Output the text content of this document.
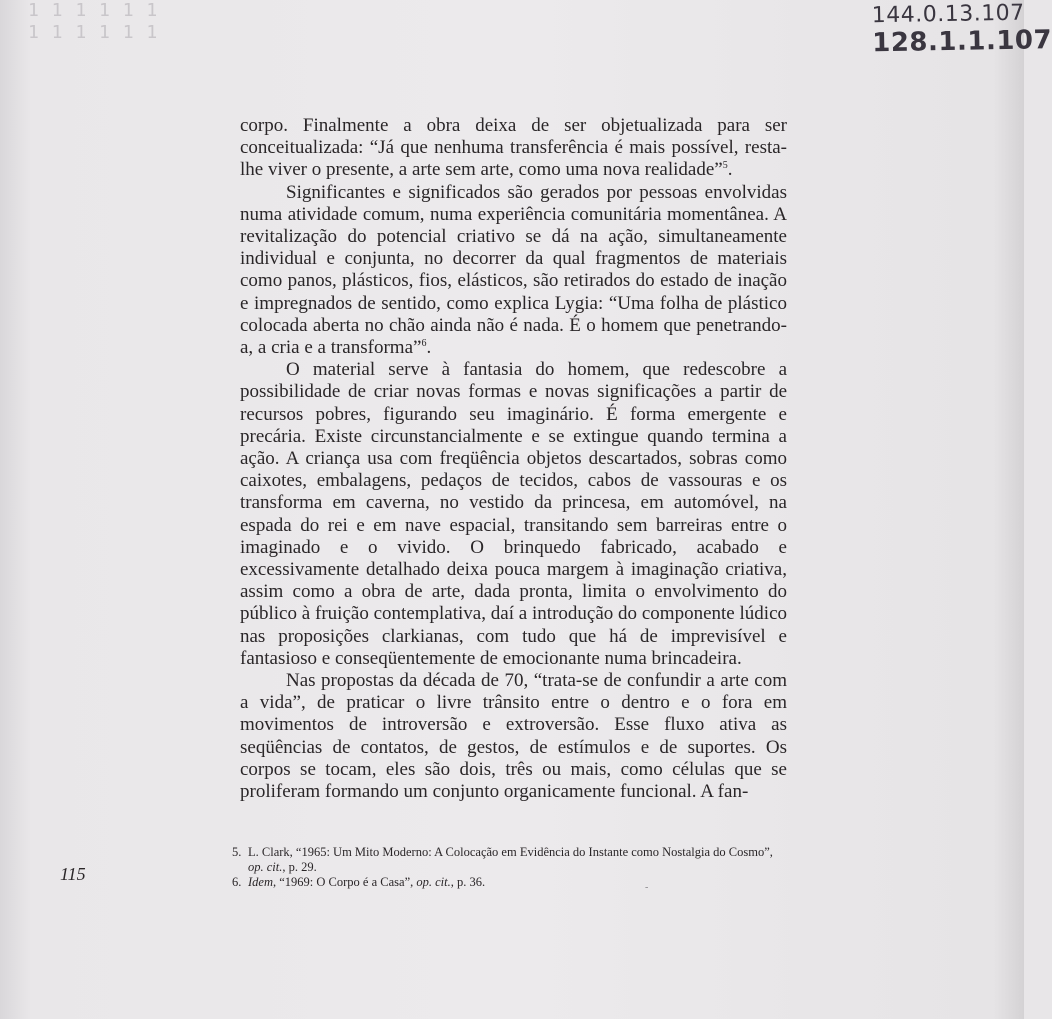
1 1 1 1 1 1
1 1 1 1 1 1
144.0.13.107
128.1.1.107

corpo. Finalmente a obra deixa de ser objetualizada para ser conceitualizada: “Já que nenhuma transferência é mais possível, resta-lhe viver o presente, a arte sem arte, como uma nova realidade”$^5$.

Significantes e significados são gerados por pessoas envolvidas numa atividade comum, numa experiência comunitária momentânea. A revitalização do potencial criativo se dá na ação, simultaneamente individual e conjunta, no decorrer da qual fragmentos de materiais como panos, plásticos, fios, elásticos, são retirados do estado de inação e impregnados de sentido, como explica Lygia: “Uma folha de plástico colocada aberta no chão ainda não é nada. É o homem que penetrando-a, a cria e a transforma”$^6$.

O material serve à fantasia do homem, que redescobre a possibilidade de criar novas formas e novas significações a partir de recursos pobres, figurando seu imaginário. É forma emergente e precária. Existe circunstancialmente e se extingue quando termina a ação. A criança usa com freqüência objetos descartados, sobras como caixotes, embalagens, pedaços de tecidos, cabos de vassouras e os transforma em caverna, no vestido da princesa, em automóvel, na espada do rei e em nave espacial, transitando sem barreiras entre o imaginado e o vivido. O brinquedo fabricado, acabado e excessivamente detalhado deixa pouca margem à imaginação criativa, assim como a obra de arte, dada pronta, limita o envolvimento do público à fruição contemplativa, daí a introdução do componente lúdico nas proposições clarkianas, com tudo que há de imprevisível e fantasioso e conseqüentemente de emocionante numa brincadeira.

Nas propostas da década de 70, “trata-se de confundir a arte com a vida”, de praticar o livre trânsito entre o dentro e o fora em movimentos de introversão e extroversão. Esse fluxo ativa as seqüências de contatos, de gestos, de estímulos e de suportes. Os corpos se tocam, eles são dois, três ou mais, como células que se proliferam formando um conjunto organicamente funcional. A fan-

5. L. Clark, “1965: Um Mito Moderno: A Colocação em Evidência do Instante como Nostalgia do Cosmo”, op. cit., p. 29.
6. Idem, “1969: O Corpo é a Casa”, op. cit., p. 36.
115
-
